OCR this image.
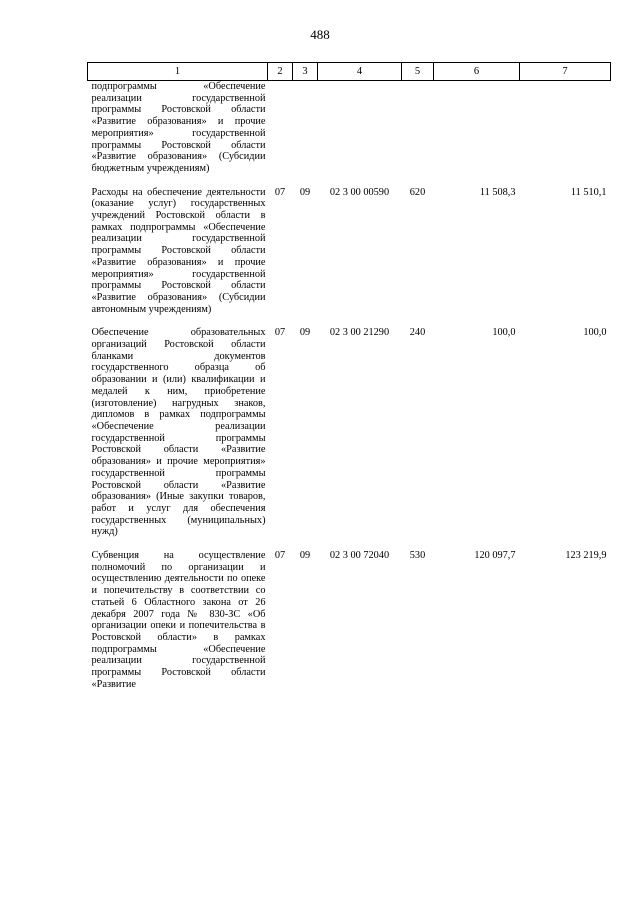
488
1	2	3	4	5	6	7
подпрограммы «Обеспечение реализации государственной программы Ростовской области «Развитие образования» и прочие мероприятия» государственной программы Ростовской области «Развитие образования» (Субсидии бюджетным учреждениям)						
Расходы на обеспечение деятельности (оказание услуг) государственных учреждений Ростовской области в рамках подпрограммы «Обеспечение реализации государственной программы Ростовской области «Развитие образования» и прочие мероприятия» государственной программы Ростовской области «Развитие образования» (Субсидии автономным учреждениям)	07	09	02 3 00 00590	620	11 508,3	11 510,1
Обеспечение образовательных организаций Ростовской области бланками документов государственного образца об образовании и (или) квалификации и медалей к ним, приобретение (изготовление) нагрудных знаков, дипломов в рамках подпрограммы «Обеспечение реализации государственной программы Ростовской области «Развитие образования» и прочие мероприятия» государственной программы Ростовской области «Развитие образования» (Иные закупки товаров, работ и услуг для обеспечения государственных (муниципальных) нужд)	07	09	02 3 00 21290	240	100,0	100,0
Субвенция на осуществление полномочий по организации и осуществлению деятельности по опеке и попечительству в соответствии со статьей 6 Областного закона от 26 декабря 2007 года № 830-ЗС «Об организации опеки и попечительства в Ростовской области» в рамках подпрограммы «Обеспечение реализации государственной программы Ростовской области «Развитие	07	09	02 3 00 72040	530	120 097,7	123 219,9
